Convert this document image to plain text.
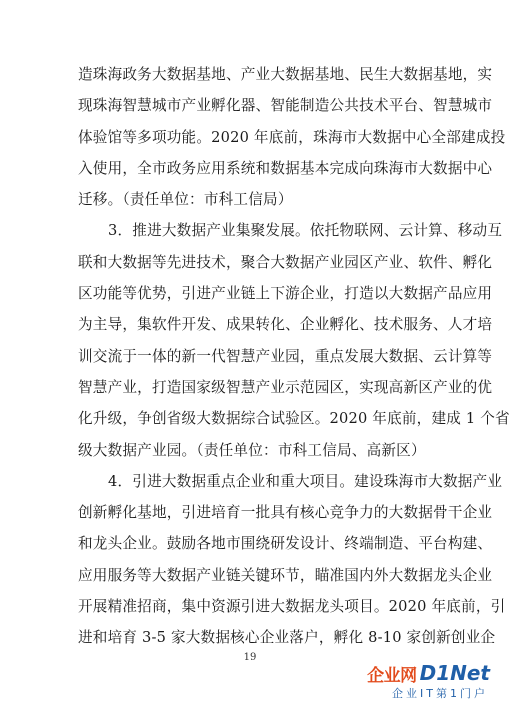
造珠海政务大数据基地、产业大数据基地、民生大数据基地，实
现珠海智慧城市产业孵化器、智能制造公共技术平台、智慧城市
体验馆等多项功能。2020 年底前，珠海市大数据中心全部建成投
入使用，全市政务应用系统和数据基本完成向珠海市大数据中心
迁移。（责任单位：市科工信局）
3．推进大数据产业集聚发展。依托物联网、云计算、移动互
联和大数据等先进技术，聚合大数据产业园区产业、软件、孵化
区功能等优势，引进产业链上下游企业，打造以大数据产品应用
为主导，集软件开发、成果转化、企业孵化、技术服务、人才培
训交流于一体的新一代智慧产业园，重点发展大数据、云计算等
智慧产业，打造国家级智慧产业示范园区，实现高新区产业的优
化升级，争创省级大数据综合试验区。2020 年底前，建成 1 个省
级大数据产业园。（责任单位：市科工信局、高新区）
4．引进大数据重点企业和重大项目。建设珠海市大数据产业
创新孵化基地，引进培育一批具有核心竞争力的大数据骨干企业
和龙头企业。鼓励各地市围绕研发设计、终端制造、平台构建、
应用服务等大数据产业链关键环节，瞄准国内外大数据龙头企业
开展精准招商，集中资源引进大数据龙头项目。2020 年底前，引
进和培育 3-5 家大数据核心企业落户，孵化 8-10 家创新创业企
19
企业网 D1Net
企业IT第1门户
